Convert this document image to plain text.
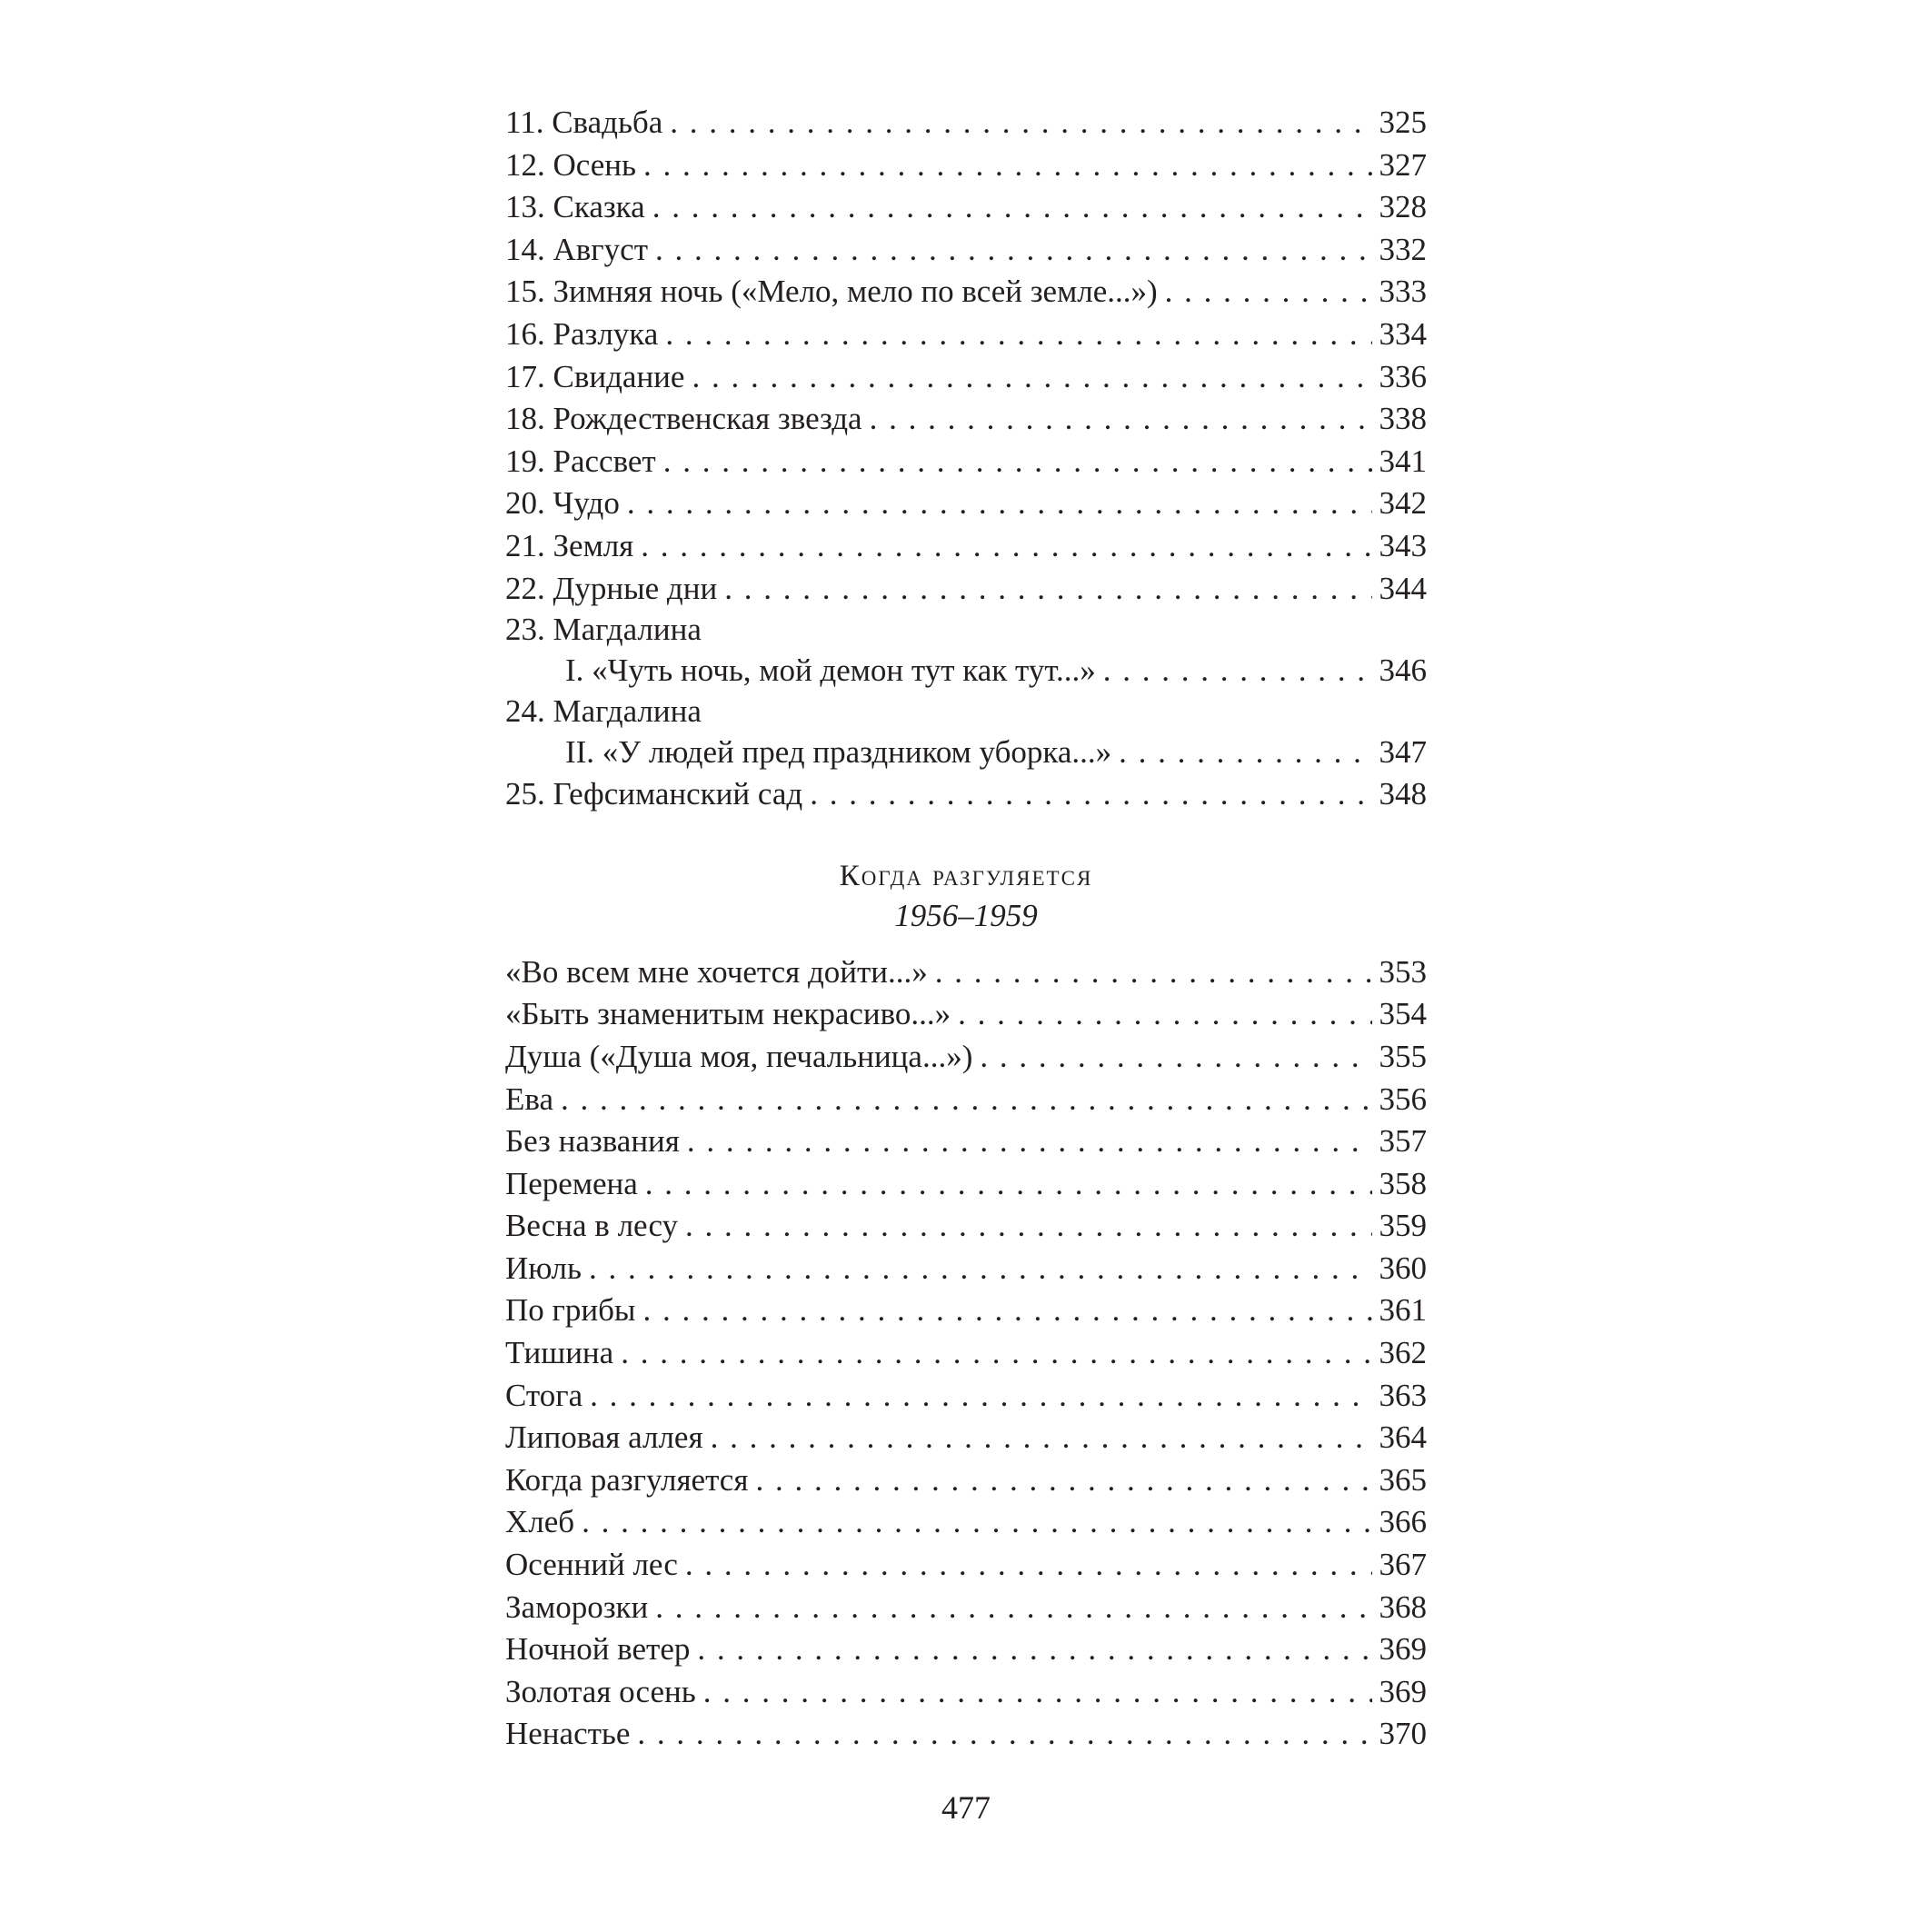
11. Свадьба . . .	325
12. Осень . . .	327
13. Сказка . . .	328
14. Август . . .	332
15. Зимняя ночь («Мело, мело по всей земле...») . . .	333
16. Разлука . . .	334
17. Свидание . . .	336
18. Рождественская звезда . . .	338
19. Рассвет . . .	341
20. Чудо . . .	342
21. Земля . . .	343
22. Дурные дни . . .	344
23. Магдалина
I. «Чуть ночь, мой демон тут как тут...» . . .	346
24. Магдалина
II. «У людей пред праздником уборка...» . . .	347
25. Гефсиманский сад . . .	348
Когда разгуляется
1956–1959
«Во всем мне хочется дойти...» . . .	353
«Быть знаменитым некрасиво...» . . .	354
Душа («Душа моя, печальница...») . . .	355
Ева . . .	356
Без названия . . .	357
Перемена . . .	358
Весна в лесу . . .	359
Июль . . .	360
По грибы . . .	361
Тишина . . .	362
Стога . . .	363
Липовая аллея . . .	364
Когда разгуляется . . .	365
Хлеб . . .	366
Осенний лес . . .	367
Заморозки . . .	368
Ночной ветер . . .	369
Золотая осень . . .	369
Ненастье . . .	370
477
